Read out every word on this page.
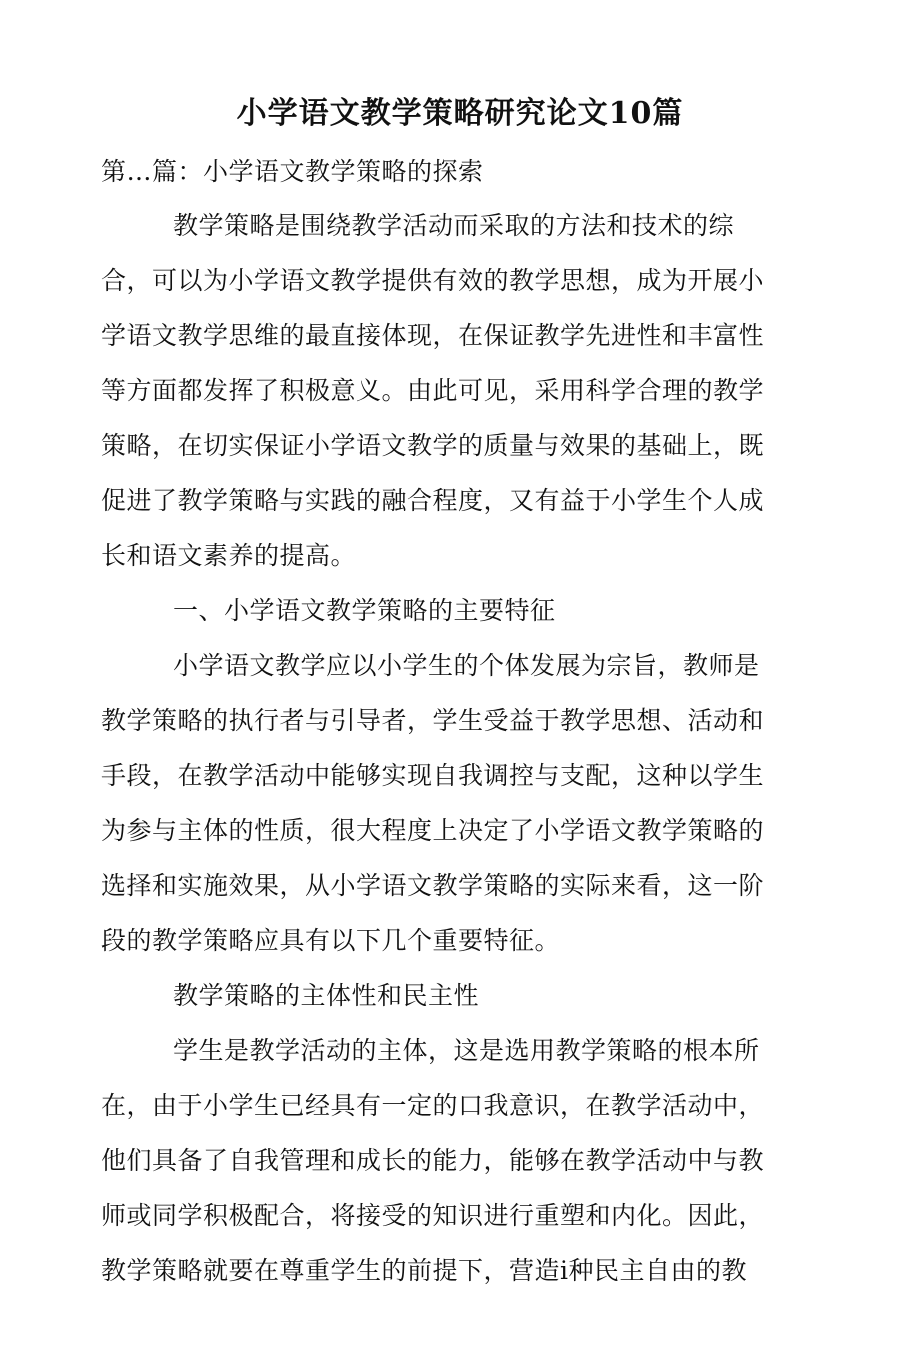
小学语文教学策略研究论文10篇
第…篇：小学语文教学策略的探索
教学策略是围绕教学活动而采取的方法和技术的综
合，可以为小学语文教学提供有效的教学思想，成为开展小
学语文教学思维的最直接体现，在保证教学先进性和丰富性
等方面都发挥了积极意义。由此可见，采用科学合理的教学
策略，在切实保证小学语文教学的质量与效果的基础上，既
促进了教学策略与实践的融合程度，又有益于小学生个人成
长和语文素养的提高。
一、小学语文教学策略的主要特征
小学语文教学应以小学生的个体发展为宗旨，教师是
教学策略的执行者与引导者，学生受益于教学思想、活动和
手段，在教学活动中能够实现自我调控与支配，这种以学生
为参与主体的性质，很大程度上决定了小学语文教学策略的
选择和实施效果，从小学语文教学策略的实际来看，这一阶
段的教学策略应具有以下几个重要特征。
教学策略的主体性和民主性
学生是教学活动的主体，这是选用教学策略的根本所
在，由于小学生已经具有一定的口我意识，在教学活动中，
他们具备了自我管理和成长的能力，能够在教学活动中与教
师或同学积极配合，将接受的知识进行重塑和内化。因此，
教学策略就要在尊重学生的前提下，营造i种民主自由的教
